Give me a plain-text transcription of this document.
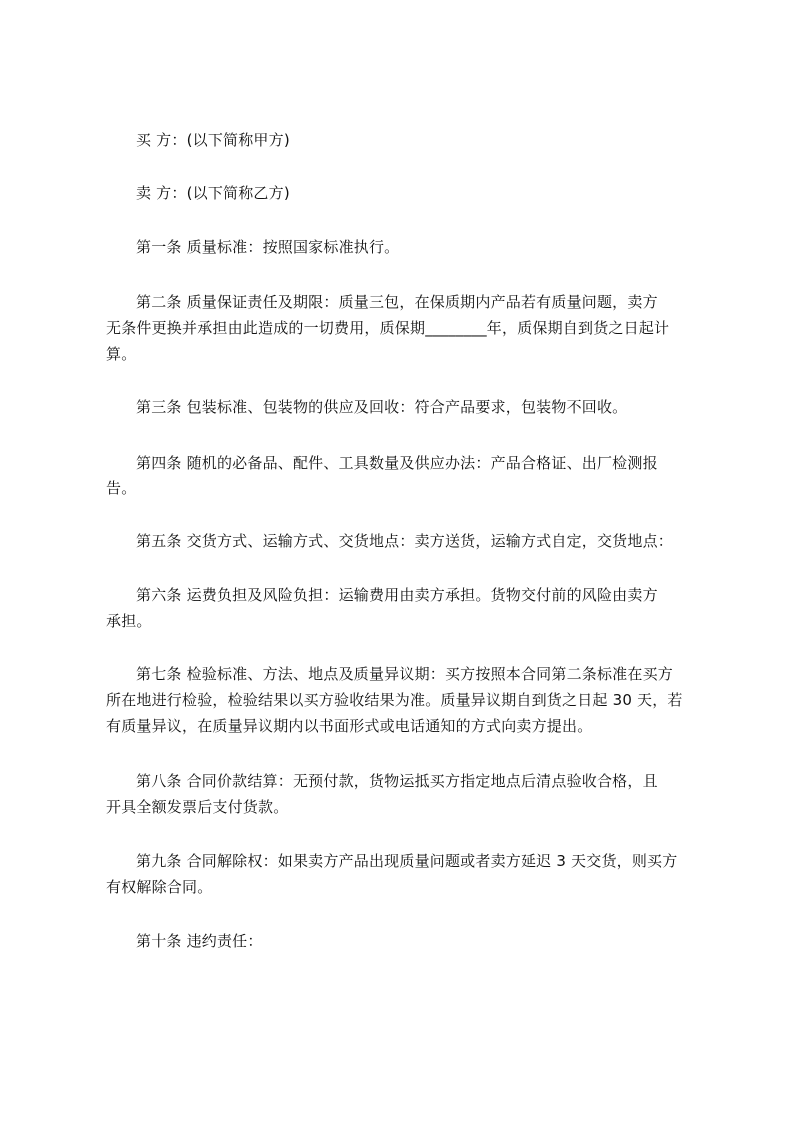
买 方：(以下简称甲方)
卖 方：(以下简称乙方)
第一条 质量标准：按照国家标准执行。
第二条 质量保证责任及期限：质量三包，在保质期内产品若有质量问题，卖方
无条件更换并承担由此造成的一切费用，质保期________年，质保期自到货之日起计
算。
第三条 包装标准、包装物的供应及回收：符合产品要求，包装物不回收。
第四条 随机的必备品、配件、工具数量及供应办法：产品合格证、出厂检测报
告。
第五条 交货方式、运输方式、交货地点：卖方送货，运输方式自定，交货地点：
第六条 运费负担及风险负担：运输费用由卖方承担。货物交付前的风险由卖方
承担。
第七条 检验标准、方法、地点及质量异议期：买方按照本合同第二条标准在买方
所在地进行检验，检验结果以买方验收结果为准。质量异议期自到货之日起 30 天，若
有质量异议，在质量异议期内以书面形式或电话通知的方式向卖方提出。
第八条 合同价款结算：无预付款，货物运抵买方指定地点后清点验收合格，且
开具全额发票后支付货款。
第九条 合同解除权：如果卖方产品出现质量问题或者卖方延迟 3 天交货，则买方
有权解除合同。
第十条 违约责任：
